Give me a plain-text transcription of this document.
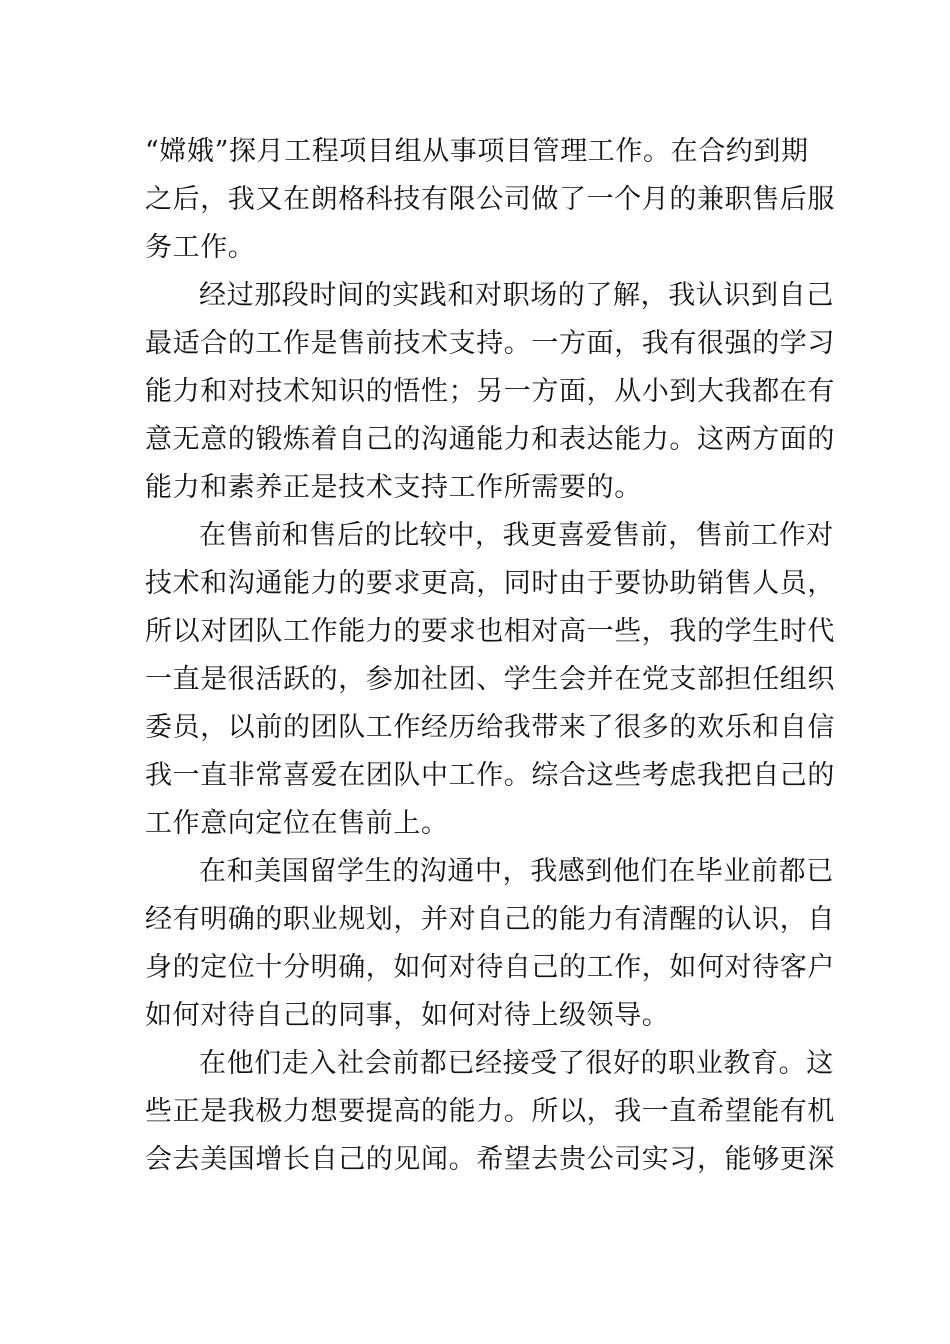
“嫦娥”探月工程项目组从事项目管理工作。在合约到期
之后，我又在朗格科技有限公司做了一个月的兼职售后服
务工作。

经过那段时间的实践和对职场的了解，我认识到自己
最适合的工作是售前技术支持。一方面，我有很强的学习
能力和对技术知识的悟性；另一方面，从小到大我都在有
意无意的锻炼着自己的沟通能力和表达能力。这两方面的
能力和素养正是技术支持工作所需要的。

在售前和售后的比较中，我更喜爱售前，售前工作对
技术和沟通能力的要求更高，同时由于要协助销售人员，
所以对团队工作能力的要求也相对高一些，我的学生时代
一直是很活跃的，参加社团、学生会并在党支部担任组织
委员，以前的团队工作经历给我带来了很多的欢乐和自信
我一直非常喜爱在团队中工作。综合这些考虑我把自己的
工作意向定位在售前上。

在和美国留学生的沟通中，我感到他们在毕业前都已
经有明确的职业规划，并对自己的能力有清醒的认识，自
身的定位十分明确，如何对待自己的工作，如何对待客户
如何对待自己的同事，如何对待上级领导。

在他们走入社会前都已经接受了很好的职业教育。这
些正是我极力想要提高的能力。所以，我一直希望能有机
会去美国增长自己的见闻。希望去贵公司实习，能够更深
